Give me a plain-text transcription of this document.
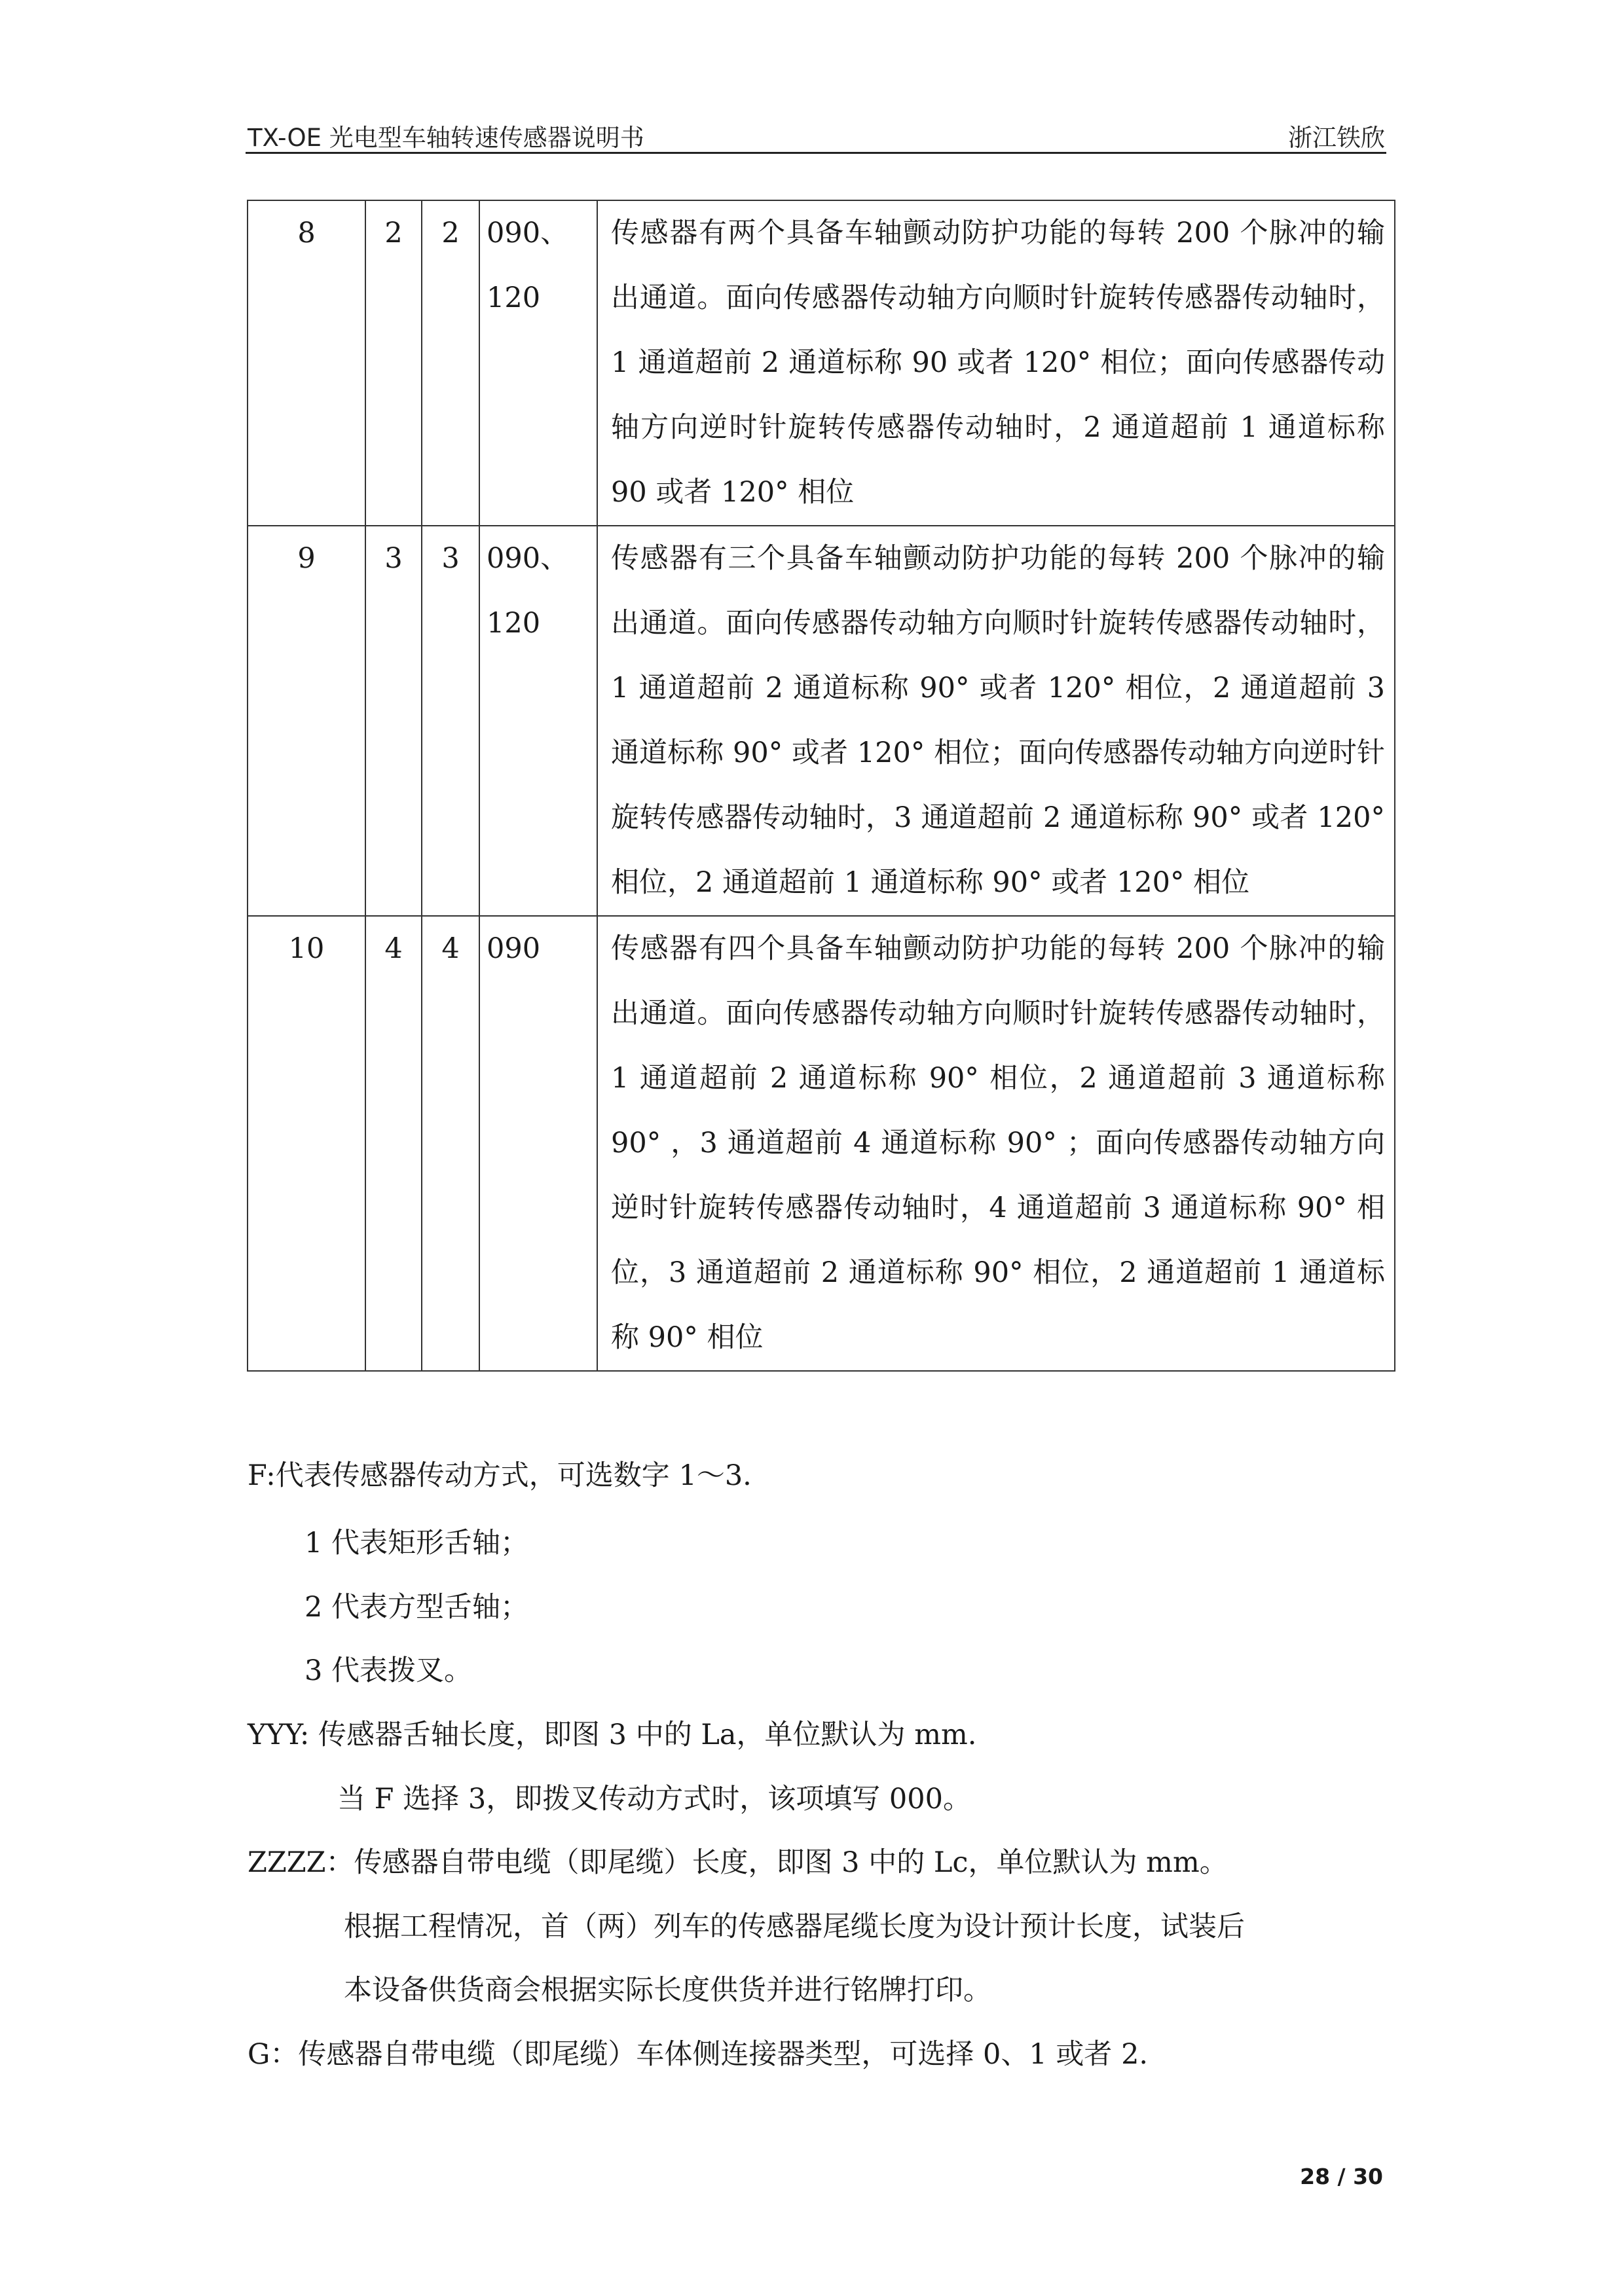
TX-OE 光电型车轴转速传感器说明书	浙江铁欣
8	2	2	090、120	传感器有两个具备车轴颤动防护功能的每转 200 个脉冲的输出通道。面向传感器传动轴方向顺时针旋转传感器传动轴时，1 通道超前 2 通道标称 90 或者 120° 相位；面向传感器传动轴方向逆时针旋转传感器传动轴时，2 通道超前 1 通道标称 90 或者 120° 相位
9	3	3	090、120	传感器有三个具备车轴颤动防护功能的每转 200 个脉冲的输出通道。面向传感器传动轴方向顺时针旋转传感器传动轴时，1 通道超前 2 通道标称 90° 或者 120° 相位，2 通道超前 3 通道标称 90° 或者 120° 相位；面向传感器传动轴方向逆时针旋转传感器传动轴时，3 通道超前 2 通道标称 90° 或者 120° 相位，2 通道超前 1 通道标称 90° 或者 120° 相位
10	4	4	090	传感器有四个具备车轴颤动防护功能的每转 200 个脉冲的输出通道。面向传感器传动轴方向顺时针旋转传感器传动轴时，1 通道超前 2 通道标称 90° 相位，2 通道超前 3 通道标称 90° ，3 通道超前 4 通道标称 90° ；面向传感器传动轴方向逆时针旋转传感器传动轴时，4 通道超前 3 通道标称 90° 相位，3 通道超前 2 通道标称 90° 相位，2 通道超前 1 通道标称 90° 相位
F:代表传感器传动方式，可选数字 1～3.
1 代表矩形舌轴；
2 代表方型舌轴；
3 代表拨叉。
YYY: 传感器舌轴长度，即图 3 中的 La，单位默认为 mm.
当 F 选择 3，即拨叉传动方式时，该项填写 000。
ZZZZ：传感器自带电缆（即尾缆）长度，即图 3 中的 Lc，单位默认为 mm。
根据工程情况，首（两）列车的传感器尾缆长度为设计预计长度，试装后
本设备供货商会根据实际长度供货并进行铭牌打印。
G：传感器自带电缆（即尾缆）车体侧连接器类型，可选择 0、1 或者 2.
28 / 30
